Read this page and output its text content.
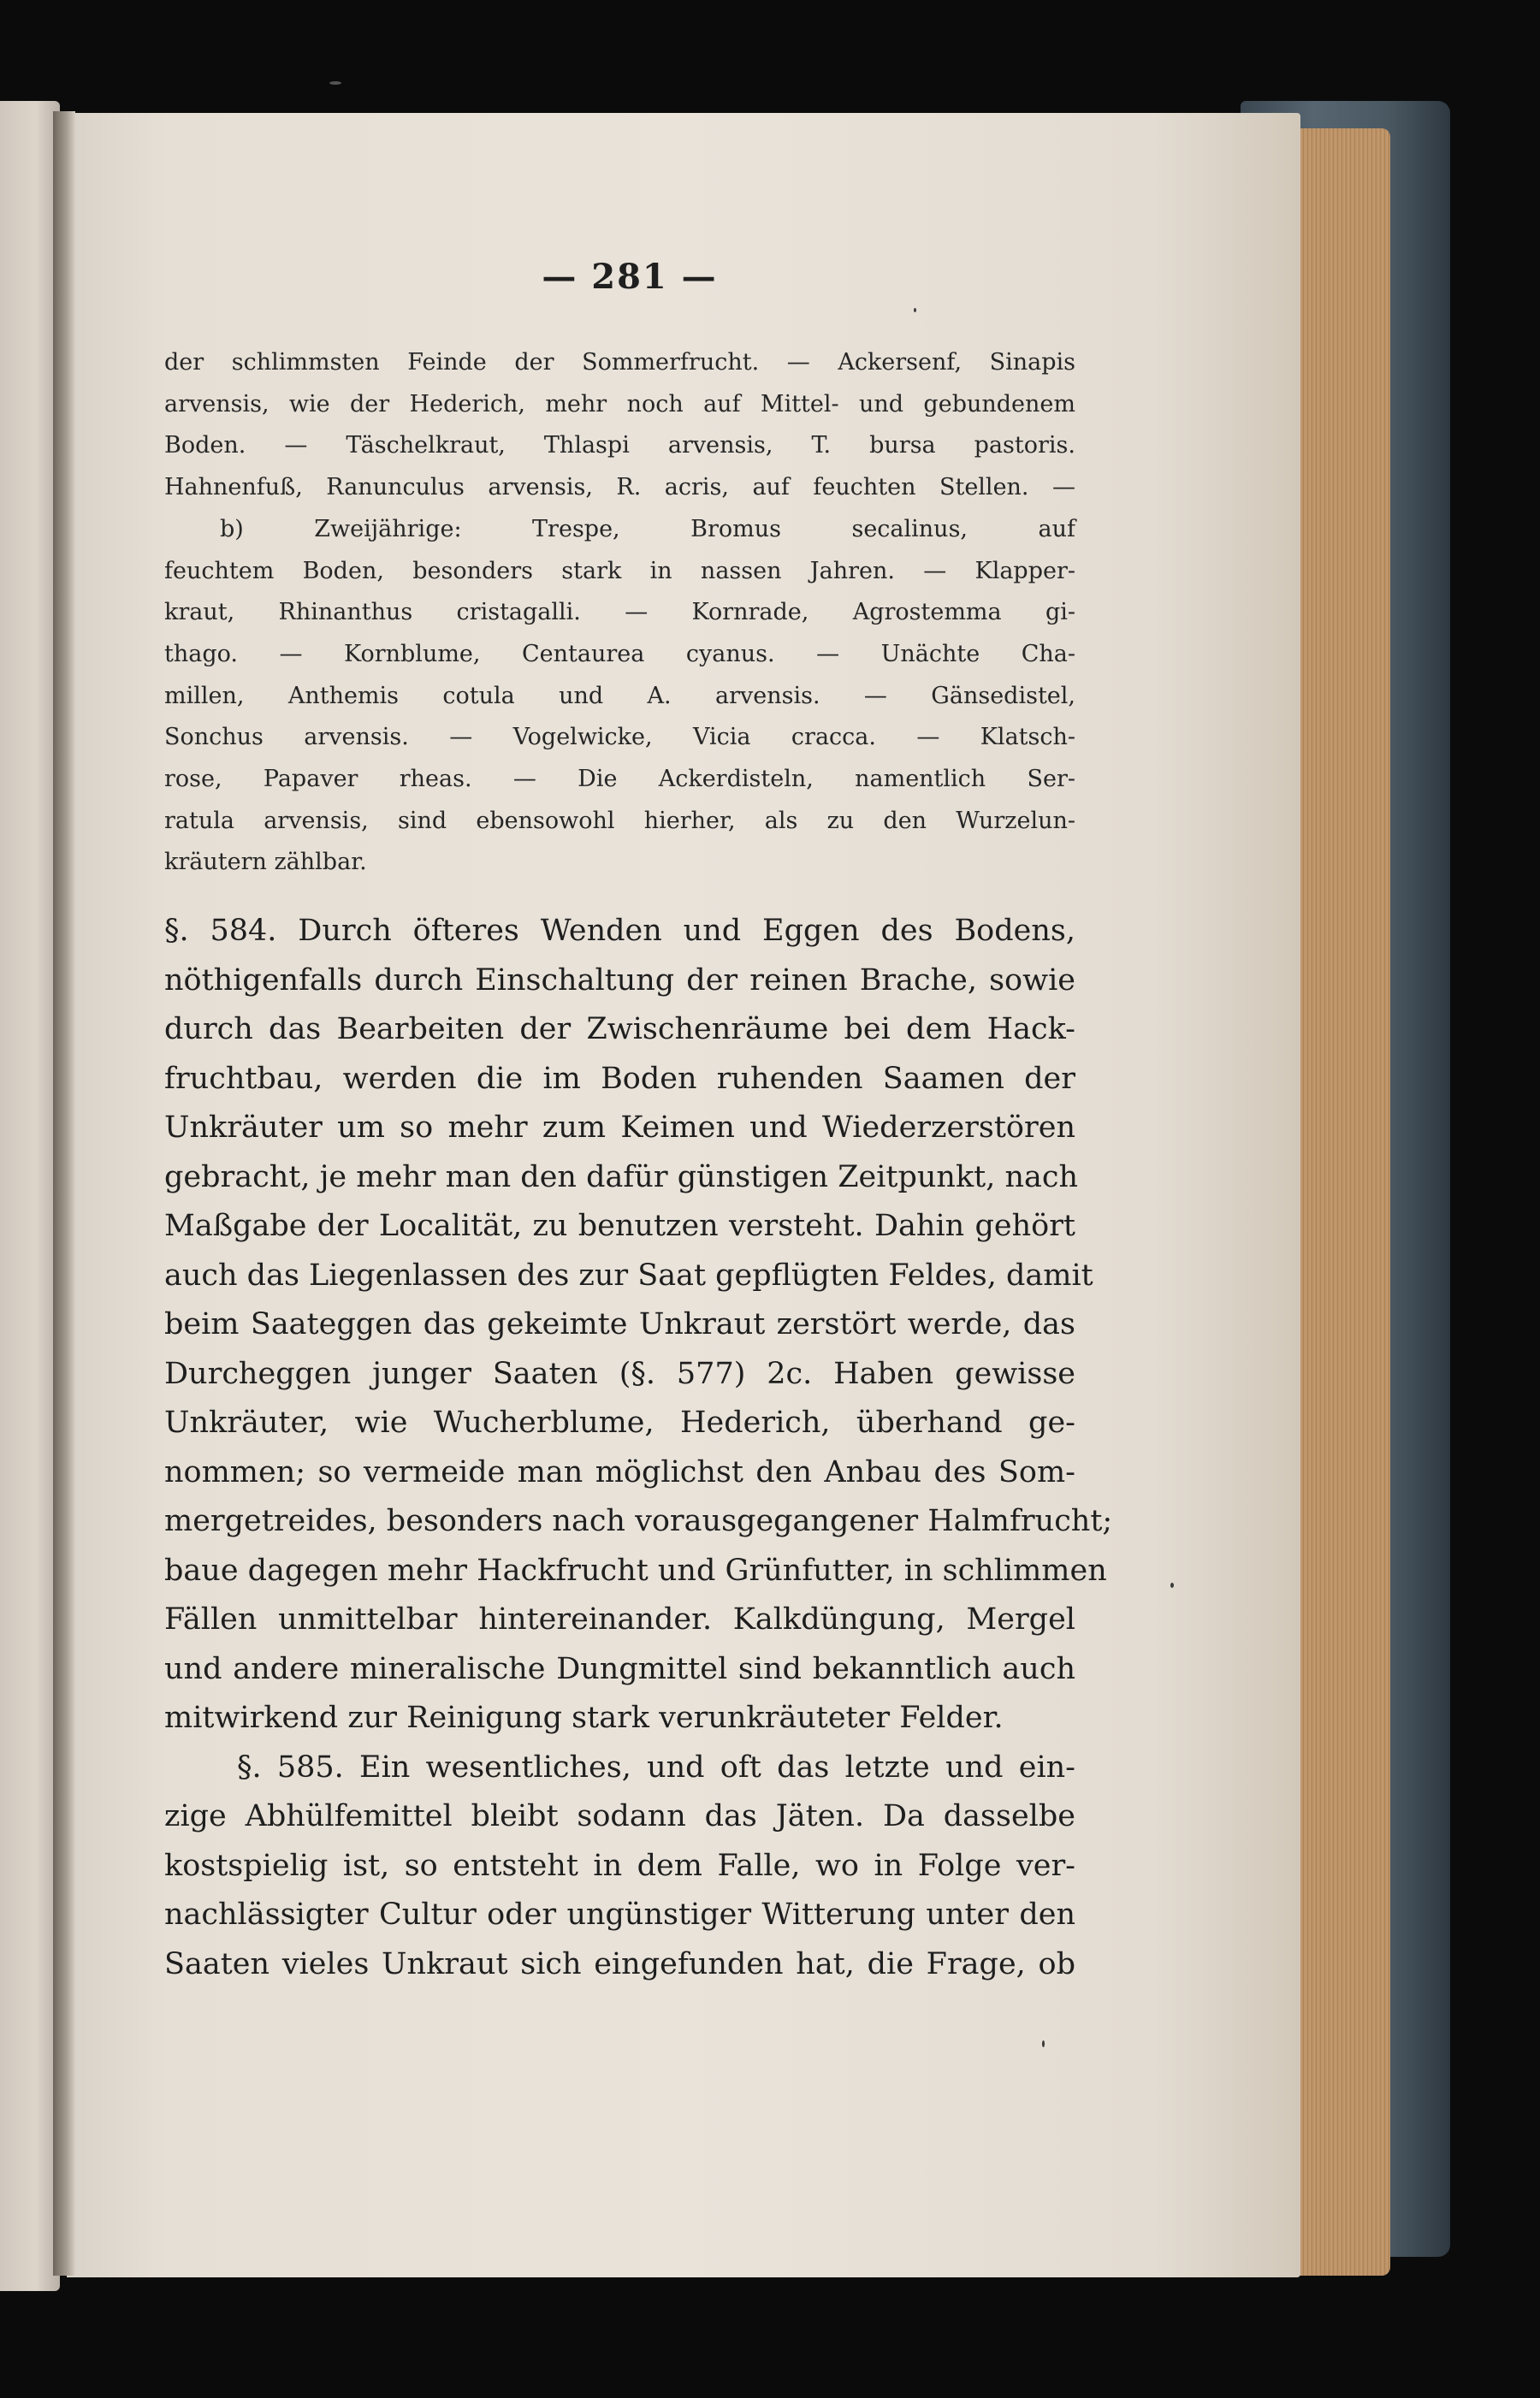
— 281 —
der schlimmsten Feinde der Sommerfrucht. — Ackersenf, Sinapis
arvensis, wie der Hederich, mehr noch auf Mittel- und gebundenem
Boden. — Täschelkraut, Thlaspi arvensis, T. bursa pastoris.
Hahnenfuß, Ranunculus arvensis, R. acris, auf feuchten Stellen. —
b) Zweijährige: Trespe, Bromus secalinus, auf
feuchtem Boden, besonders stark in nassen Jahren. — Klapper-
kraut, Rhinanthus cristagalli. — Kornrade, Agrostemma gi-
thago. — Kornblume, Centaurea cyanus. — Unächte Cha-
millen, Anthemis cotula und A. arvensis. — Gänsedistel,
Sonchus arvensis. — Vogelwicke, Vicia cracca. — Klatsch-
rose, Papaver rheas. — Die Ackerdisteln, namentlich Ser-
ratula arvensis, sind ebensowohl hierher, als zu den Wurzelun-
kräutern zählbar.
§. 584. Durch öfteres Wenden und Eggen des Bodens,
nöthigenfalls durch Einschaltung der reinen Brache, sowie
durch das Bearbeiten der Zwischenräume bei dem Hack-
fruchtbau, werden die im Boden ruhenden Saamen der
Unkräuter um so mehr zum Keimen und Wiederzerstören
gebracht, je mehr man den dafür günstigen Zeitpunkt, nach
Maßgabe der Localität, zu benutzen versteht. Dahin gehört
auch das Liegenlassen des zur Saat gepflügten Feldes, damit
beim Saateggen das gekeimte Unkraut zerstört werde, das
Durcheggen junger Saaten (§. 577) 2c. Haben gewisse
Unkräuter, wie Wucherblume, Hederich, überhand ge-
nommen; so vermeide man möglichst den Anbau des Som-
mergetreides, besonders nach vorausgegangener Halmfrucht;
baue dagegen mehr Hackfrucht und Grünfutter, in schlimmen
Fällen unmittelbar hintereinander. Kalkdüngung, Mergel
und andere mineralische Dungmittel sind bekanntlich auch
mitwirkend zur Reinigung stark verunkräuteter Felder.
§. 585. Ein wesentliches, und oft das letzte und ein-
zige Abhülfemittel bleibt sodann das Jäten. Da dasselbe
kostspielig ist, so entsteht in dem Falle, wo in Folge ver-
nachlässigter Cultur oder ungünstiger Witterung unter den
Saaten vieles Unkraut sich eingefunden hat, die Frage, ob
